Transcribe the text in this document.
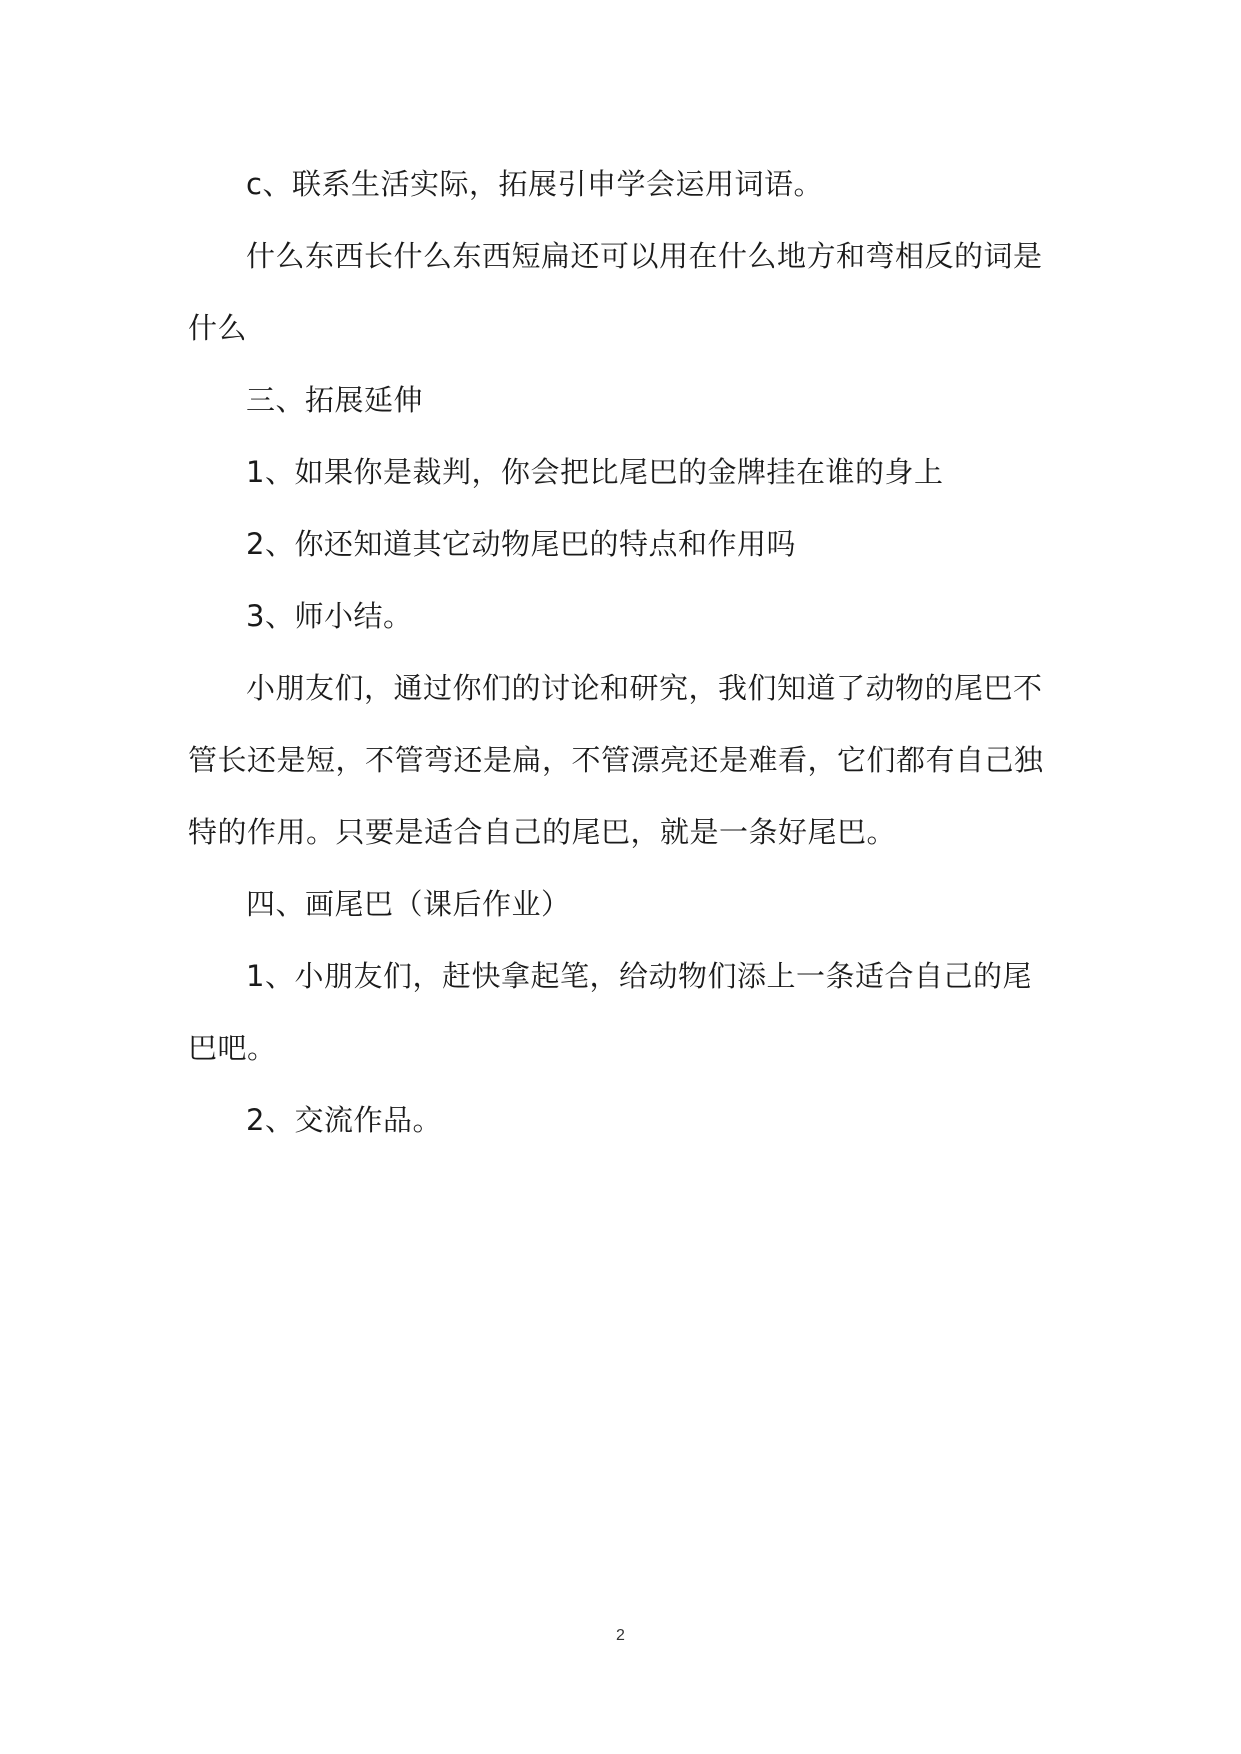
c、联系生活实际，拓展引申学会运用词语。

什么东西长什么东西短扁还可以用在什么地方和弯相反的词是什么

三、拓展延伸

1、如果你是裁判，你会把比尾巴的金牌挂在谁的身上

2、你还知道其它动物尾巴的特点和作用吗

3、师小结。

小朋友们，通过你们的讨论和研究，我们知道了动物的尾巴不管长还是短，不管弯还是扁，不管漂亮还是难看，它们都有自己独特的作用。只要是适合自己的尾巴，就是一条好尾巴。

四、画尾巴（课后作业）

1、小朋友们，赶快拿起笔，给动物们添上一条适合自己的尾巴吧。

2、交流作品。

2
